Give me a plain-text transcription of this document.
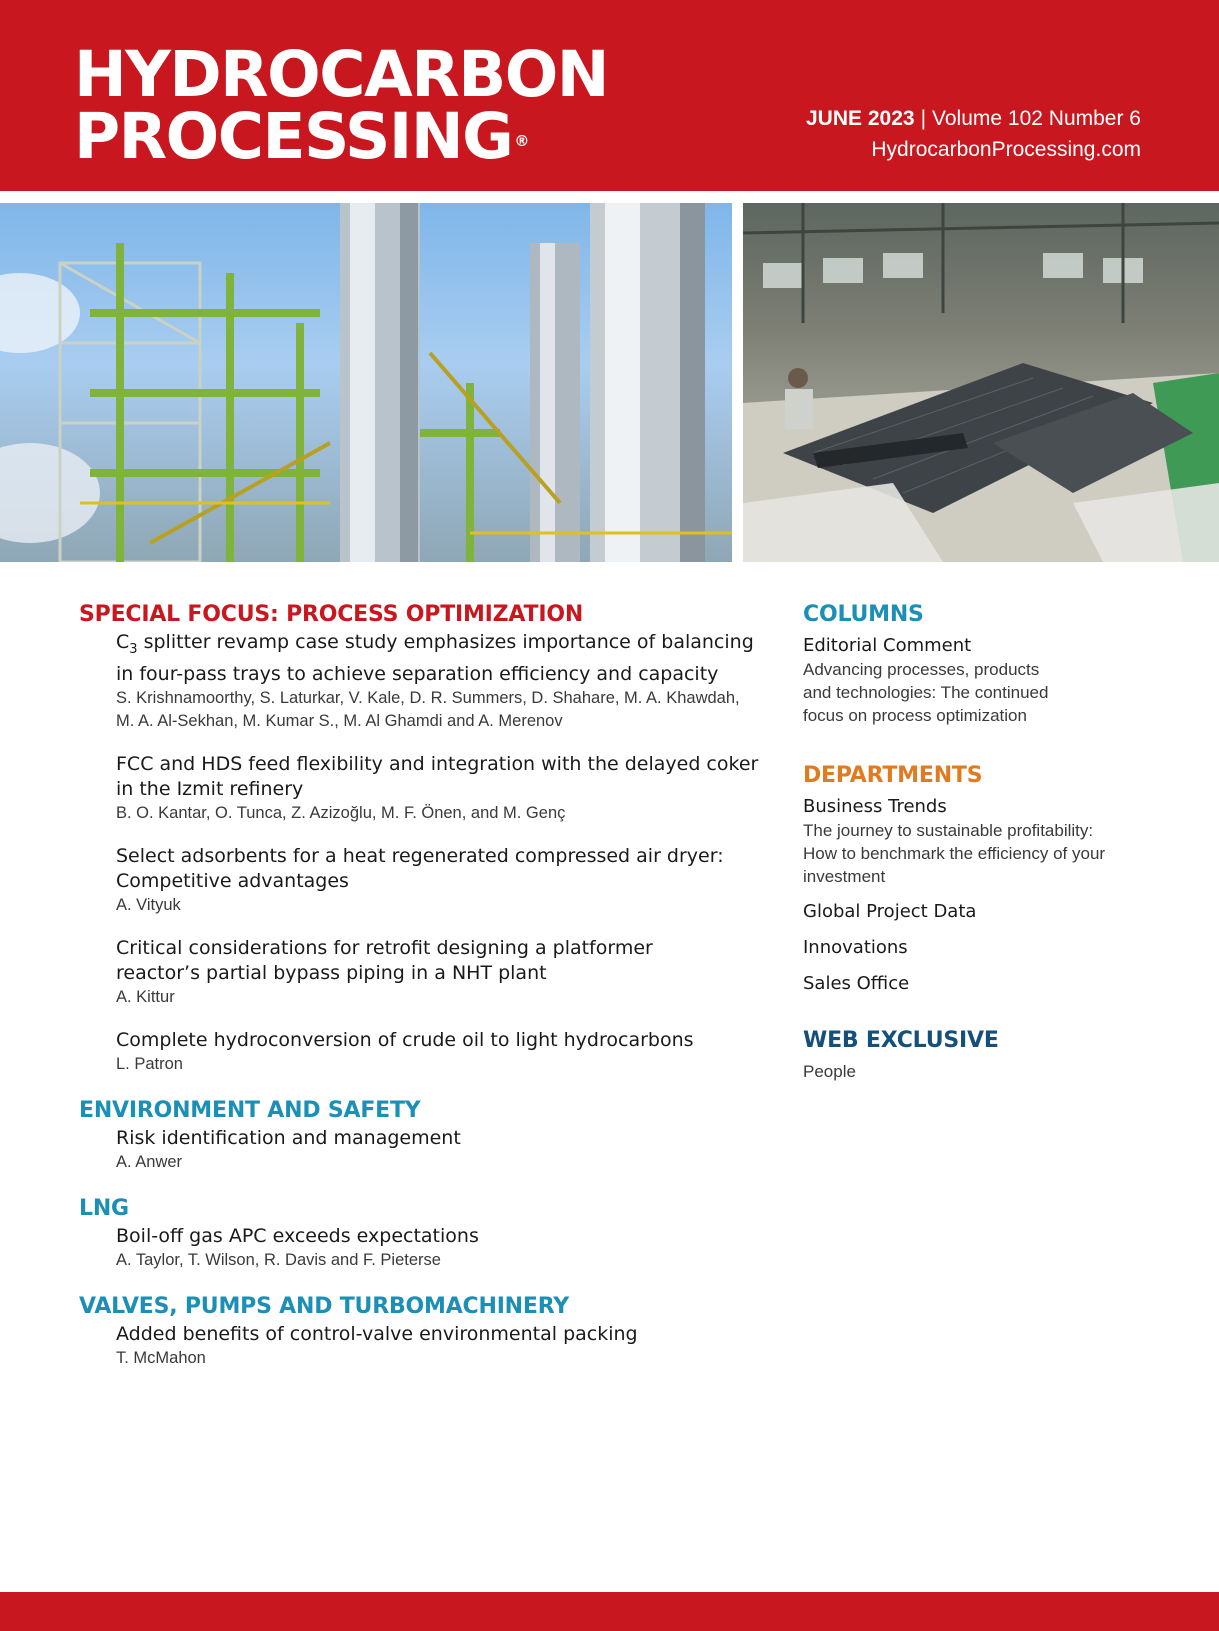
HYDROCARBON
PROCESSING ®
JUNE 2023 | Volume 102 Number 6
HydrocarbonProcessing.com
SPECIAL FOCUS: PROCESS OPTIMIZATION
$C_3$ splitter revamp case study emphasizes importance of balancing in four-pass trays to achieve separation efficiency and capacity
S. Krishnamoorthy, S. Laturkar, V. Kale, D. R. Summers, D. Shahare, M. A. Khawdah, M. A. Al-Sekhan, M. Kumar S., M. Al Ghamdi and A. Merenov
FCC and HDS feed flexibility and integration with the delayed coker in the Izmit refinery
B. O. Kantar, O. Tunca, Z. Azizoğlu, M. F. Önen, and M. Genç
Select adsorbents for a heat regenerated compressed air dryer: Competitive advantages
A. Vityuk
Critical considerations for retrofit designing a platformer reactor’s partial bypass piping in a NHT plant
A. Kittur
Complete hydroconversion of crude oil to light hydrocarbons
L. Patron
ENVIRONMENT AND SAFETY
Risk identification and management
A. Anwer
LNG
Boil-off gas APC exceeds expectations
A. Taylor, T. Wilson, R. Davis and F. Pieterse
VALVES, PUMPS AND TURBOMACHINERY
Added benefits of control-valve environmental packing
T. McMahon
COLUMNS
Editorial Comment
Advancing processes, products and technologies: The continued focus on process optimization
DEPARTMENTS
Business Trends
The journey to sustainable profitability: How to benchmark the efficiency of your investment
Global Project Data
Innovations
Sales Office
WEB EXCLUSIVE
People
